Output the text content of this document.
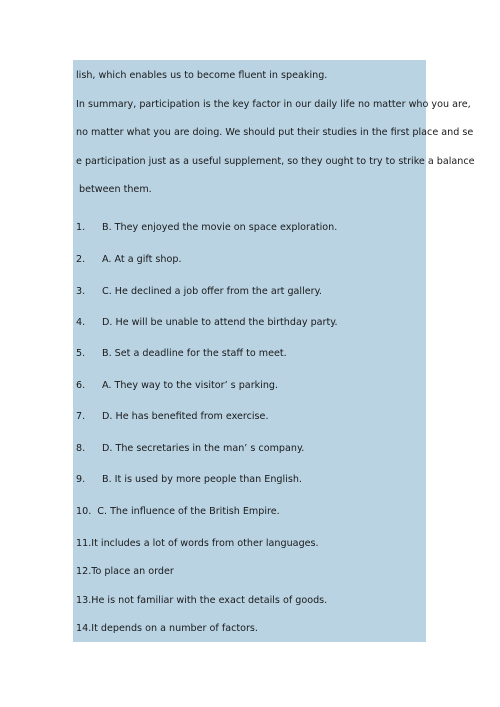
lish, which enables us to become fluent in speaking.
In summary, participation is the key factor in our daily life no matter who you are,
no matter what you are doing. We should put their studies in the first place and se
e participation just as a useful supplement, so they ought to try to strike a balance
between them.
1. B. They enjoyed the movie on space exploration.
2. A. At a gift shop.
3. C. He declined a job offer from the art gallery.
4. D. He will be unable to attend the birthday party.
5. B. Set a deadline for the staff to meet.
6. A. They way to the visitor’ s parking.
7. D. He has benefited from exercise.
8. D. The secretaries in the man’ s company.
9. B. It is used by more people than English.
10. C. The influence of the British Empire.
11.It includes a lot of words from other languages.
12.To place an order
13.He is not familiar with the exact details of goods.
14.It depends on a number of factors.
